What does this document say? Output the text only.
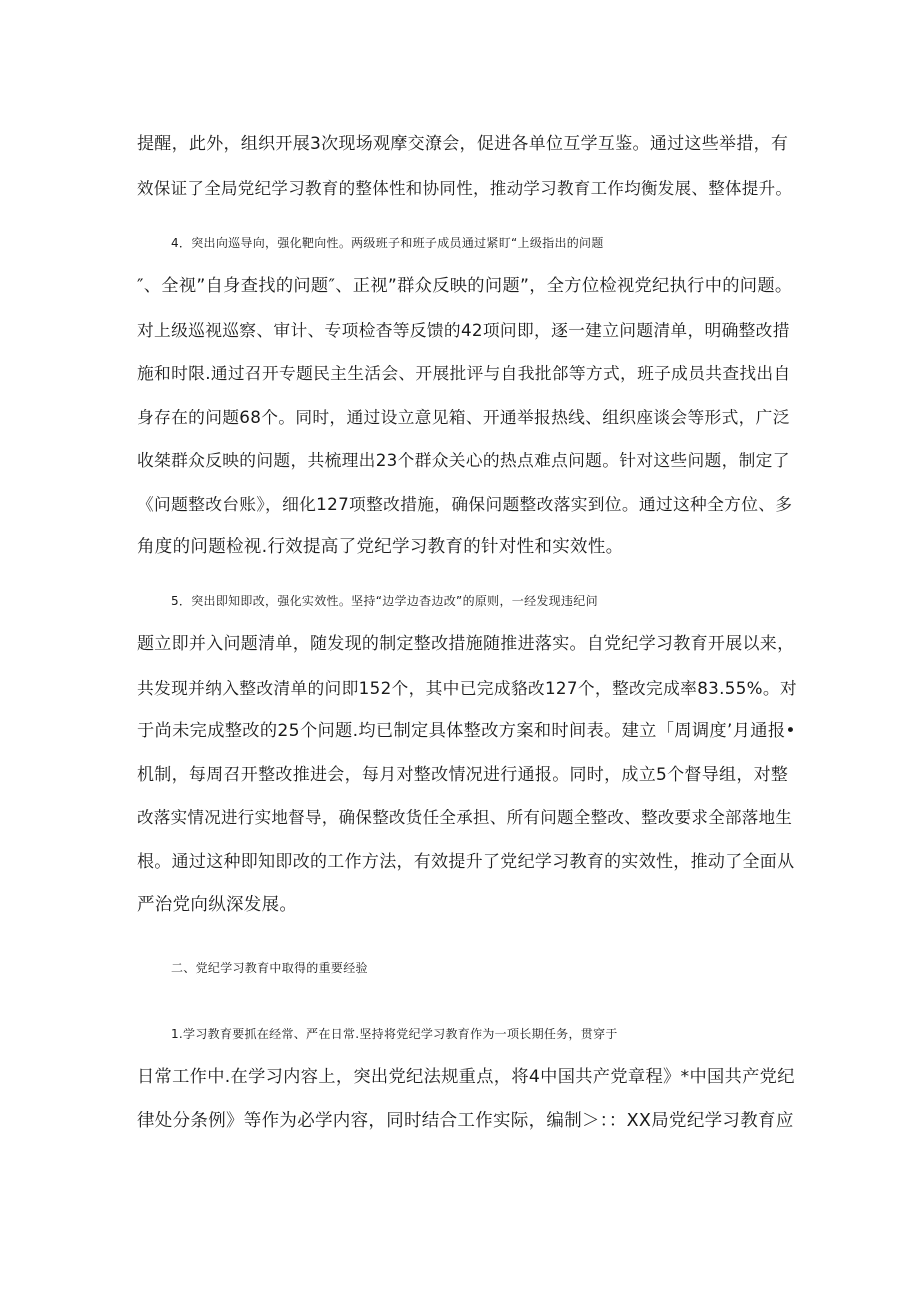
提醒，此外，组织开展3次现场观摩交潦会，促进各单位互学互鉴。通过这些举措，有
效保证了全局党纪学习教育的整体性和协同性，推动学习教育工作均衡发展、整体提升。
4．突出向巡导向，强化靶向性。两级班子和班子成员通过紧盯“上级指出的问题
″、全视”自身查找的问题″、正视”群众反映的问题”，全方位检视党纪执行中的问题。
对上级巡视巡察、审计、专项检杳等反馈的42项问即，逐一建立问题清单，明确整改措
施和时限.通过召开专题民主生活会、开展批评与自我批郃等方式，班子成员共查找出自
身存在的问题68个。同时，通过设立意见箱、开通举报热线、组织座谈会等形式，广泛
收桀群众反映的问题，共梳理出23个群众关心的热点难点问题。针对这些问题，制定了
《问题整改台账》，细化127项整改措施，确保问题整改落实到位。通过这种全方位、多
角度的问题检视.行效提高了党纪学习教育的针对性和实效性。
5．突出即知即改，强化实效性。坚持“边学边杳边改”的原则，一经发现违纪问
题立即并入问题清单，随发现的制定整改措施随推进落实。自党纪学习教育开展以来，
共发现并纳入整改清单的问即152个，其中已完成貉改127个，整改完成率83.55%。对
于尚未完成整改的25个问题.均已制定具体整改方案和时间表。建立「周调度’月通报•
机制，每周召开整改推进会，每月对整改情况进行通报。同时，成立5个督导组，对整
改落实情况进行实地督导，确保整改货任全承担、所有问题全整改、整改要求全部落地生
根。通过这种即知即改的工作方法，有效提升了党纪学习教育的实效性，推动了全面从
严治党向纵深发展。
二、党纪学习教育中取得的重要经验
1.学习教育要抓在经常、严在日常.坚持将党纪学习教育作为一项长期任务，贯穿于
日常工作中.在学习内容上，突出党纪法规重点，将4中国共产党章程》*中国共产党纪
律处分条例》等作为必学内容，同时结合工作实际，编制＞：：XX局党纪学习教育应
